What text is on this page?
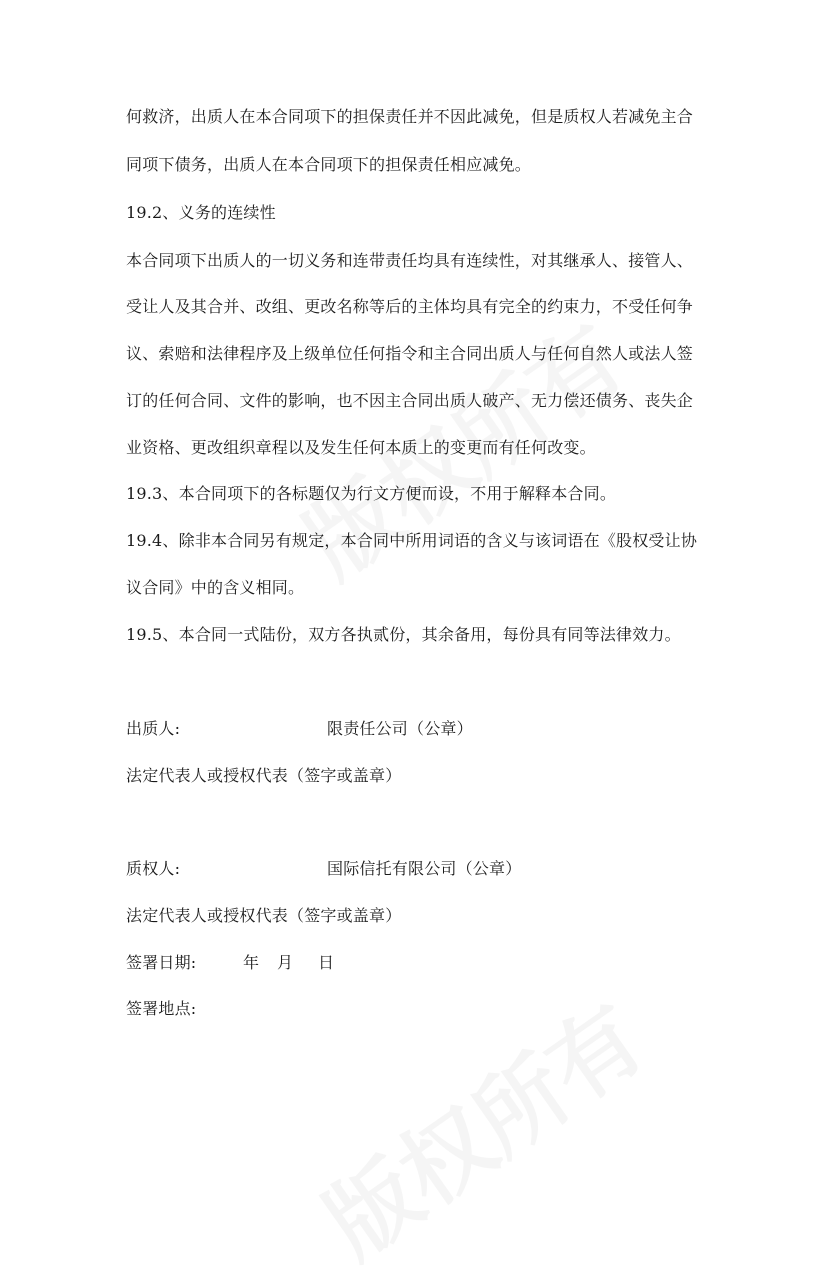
何救济，出质人在本合同项下的担保责任并不因此减免，但是质权人若减免主合
同项下债务，出质人在本合同项下的担保责任相应减免。
19.2、义务的连续性
本合同项下出质人的一切义务和连带责任均具有连续性，对其继承人、接管人、
受让人及其合并、改组、更改名称等后的主体均具有完全的约束力，不受任何争
议、索赔和法律程序及上级单位任何指令和主合同出质人与任何自然人或法人签
订的任何合同、文件的影响，也不因主合同出质人破产、无力偿还债务、丧失企
业资格、更改组织章程以及发生任何本质上的变更而有任何改变。
19.3、本合同项下的各标题仅为行文方便而设，不用于解释本合同。
19.4、除非本合同另有规定，本合同中所用词语的含义与该词语在《股权受让协
议合同》中的含义相同。
19.5、本合同一式陆份，双方各执贰份，其余备用，每份具有同等法律效力。
出质人:	限责任公司（公章）
法定代表人或授权代表（签字或盖章）
质权人:	国际信托有限公司（公章）
法定代表人或授权代表（签字或盖章）
签署日期:	年 月 日
签署地点:
